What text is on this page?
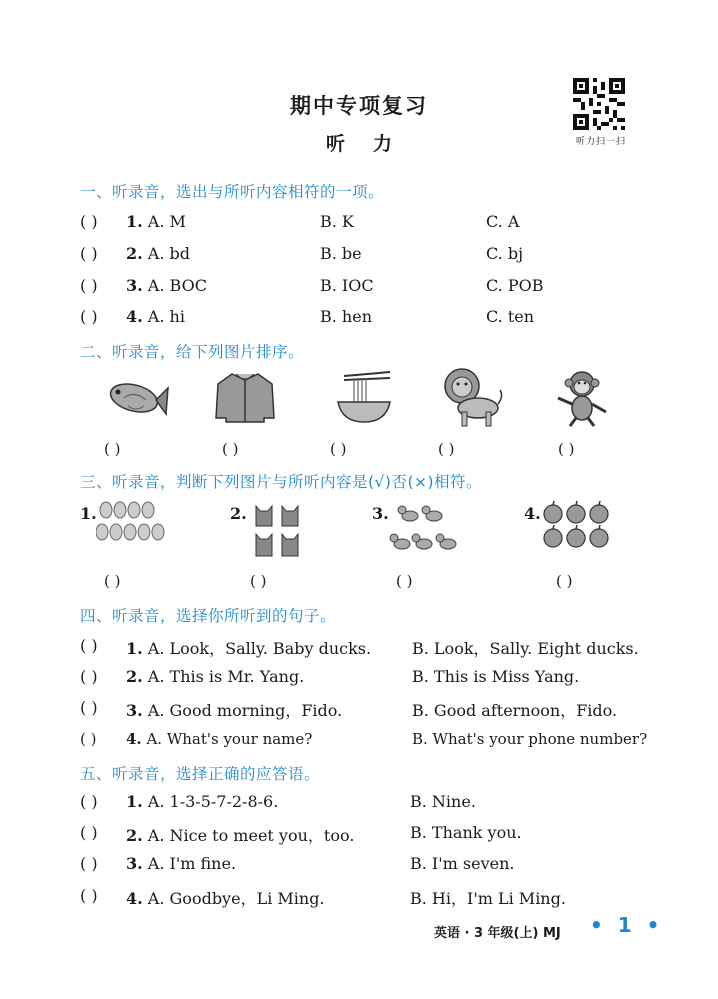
期中专项复习
听力	听力扫一扫
一、听录音，选出与所听内容相符的一项。
( ) 1. A. M	B. K	C. A
( ) 2. A. bd	B. be	C. bj
( ) 3. A. BOC	B. IOC	C. POB
( ) 4. A. hi	B. hen	C. ten
二、听录音，给下列图片排序。
( )	( )	( )	( )	( )
三、听录音，判断下列图片与所听内容是(√)否(×)相符。
1.	2.	3.	4.
( )	( )	( )	( )
四、听录音，选择你所听到的句子。
( ) 1. A. Look，Sally. Baby ducks.	B. Look，Sally. Eight ducks.
( ) 2. A. This is Mr. Yang.	B. This is Miss Yang.
( ) 3. A. Good morning，Fido.	B. Good afternoon，Fido.
( ) 4. A. What's your name?	B. What's your phone number?
五、听录音，选择正确的应答语。
( ) 1. A. 1-3-5-7-2-8-6.	B. Nine.
( ) 2. A. Nice to meet you，too.	B. Thank you.
( ) 3. A. I'm fine.	B. I'm seven.
( ) 4. A. Goodbye，Li Ming.	B. Hi，I'm Li Ming.
英语 · 3 年级(上) MJ • 1 •
